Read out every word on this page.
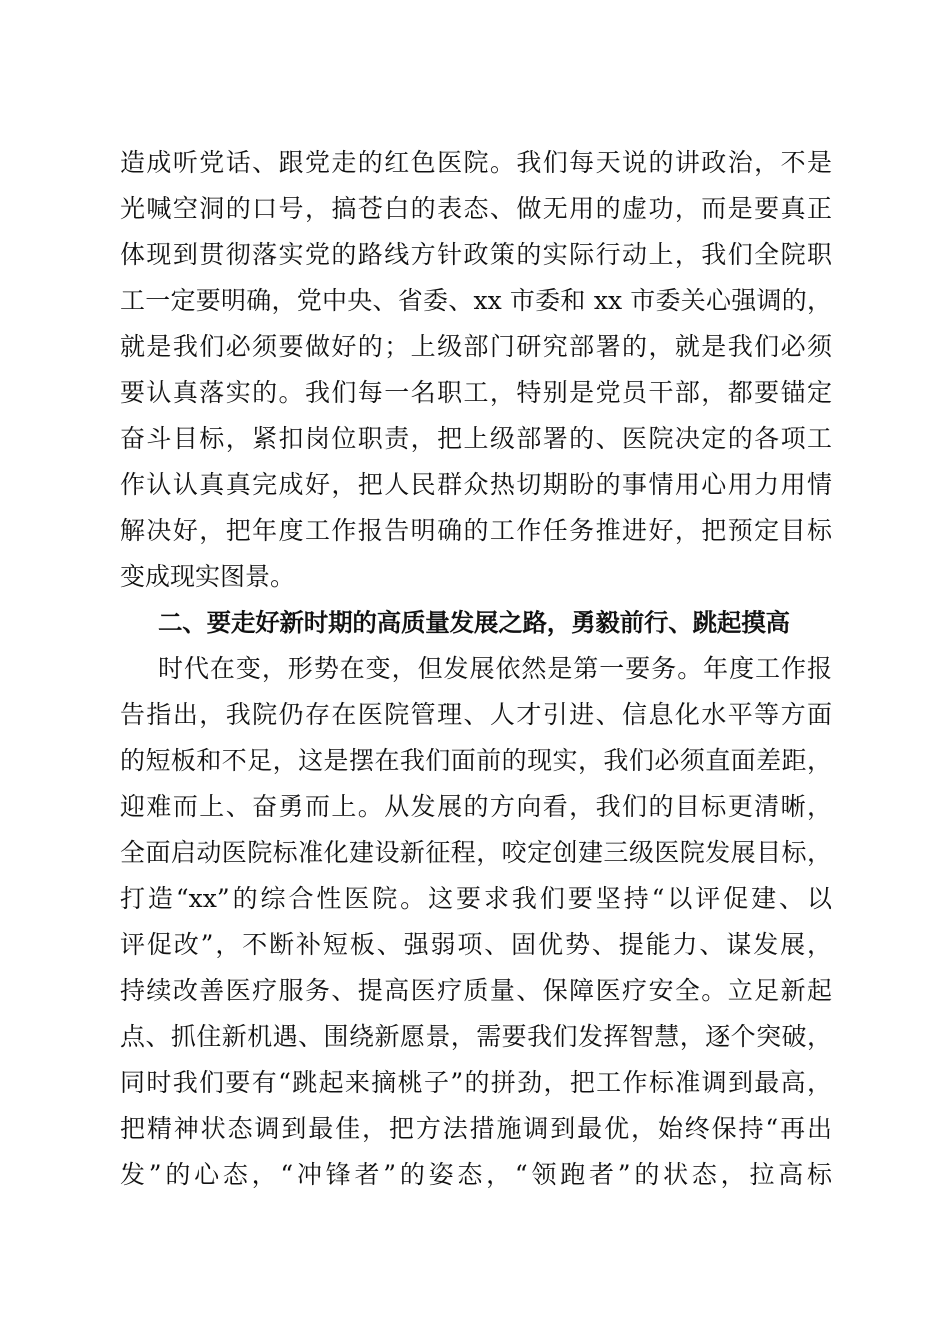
造成听党话、跟党走的红色医院。我们每天说的讲政治，不是
光喊空洞的口号，搞苍白的表态、做无用的虚功，而是要真正
体现到贯彻落实党的路线方针政策的实际行动上，我们全院职
工一定要明确，党中央、省委、xx 市委和 xx 市委关心强调的，
就是我们必须要做好的；上级部门研究部署的，就是我们必须
要认真落实的。我们每一名职工，特别是党员干部，都要锚定
奋斗目标，紧扣岗位职责，把上级部署的、医院决定的各项工
作认认真真完成好，把人民群众热切期盼的事情用心用力用情
解决好，把年度工作报告明确的工作任务推进好，把预定目标
变成现实图景。
二、要走好新时期的高质量发展之路，勇毅前行、跳起摸高
时代在变，形势在变，但发展依然是第一要务。年度工作报
告指出，我院仍存在医院管理、人才引进、信息化水平等方面
的短板和不足，这是摆在我们面前的现实，我们必须直面差距，
迎难而上、奋勇而上。从发展的方向看，我们的目标更清晰，
全面启动医院标准化建设新征程，咬定创建三级医院发展目标，
打造“xx”的综合性医院。这要求我们要坚持“以评促建、以
评促改”，不断补短板、强弱项、固优势、提能力、谋发展，
持续改善医疗服务、提高医疗质量、保障医疗安全。立足新起
点、抓住新机遇、围绕新愿景，需要我们发挥智慧，逐个突破，
同时我们要有“跳起来摘桃子”的拼劲，把工作标准调到最高，
把精神状态调到最佳，把方法措施调到最优，始终保持“再出
发”的心态，“冲锋者”的姿态，“领跑者”的状态，拉高标
